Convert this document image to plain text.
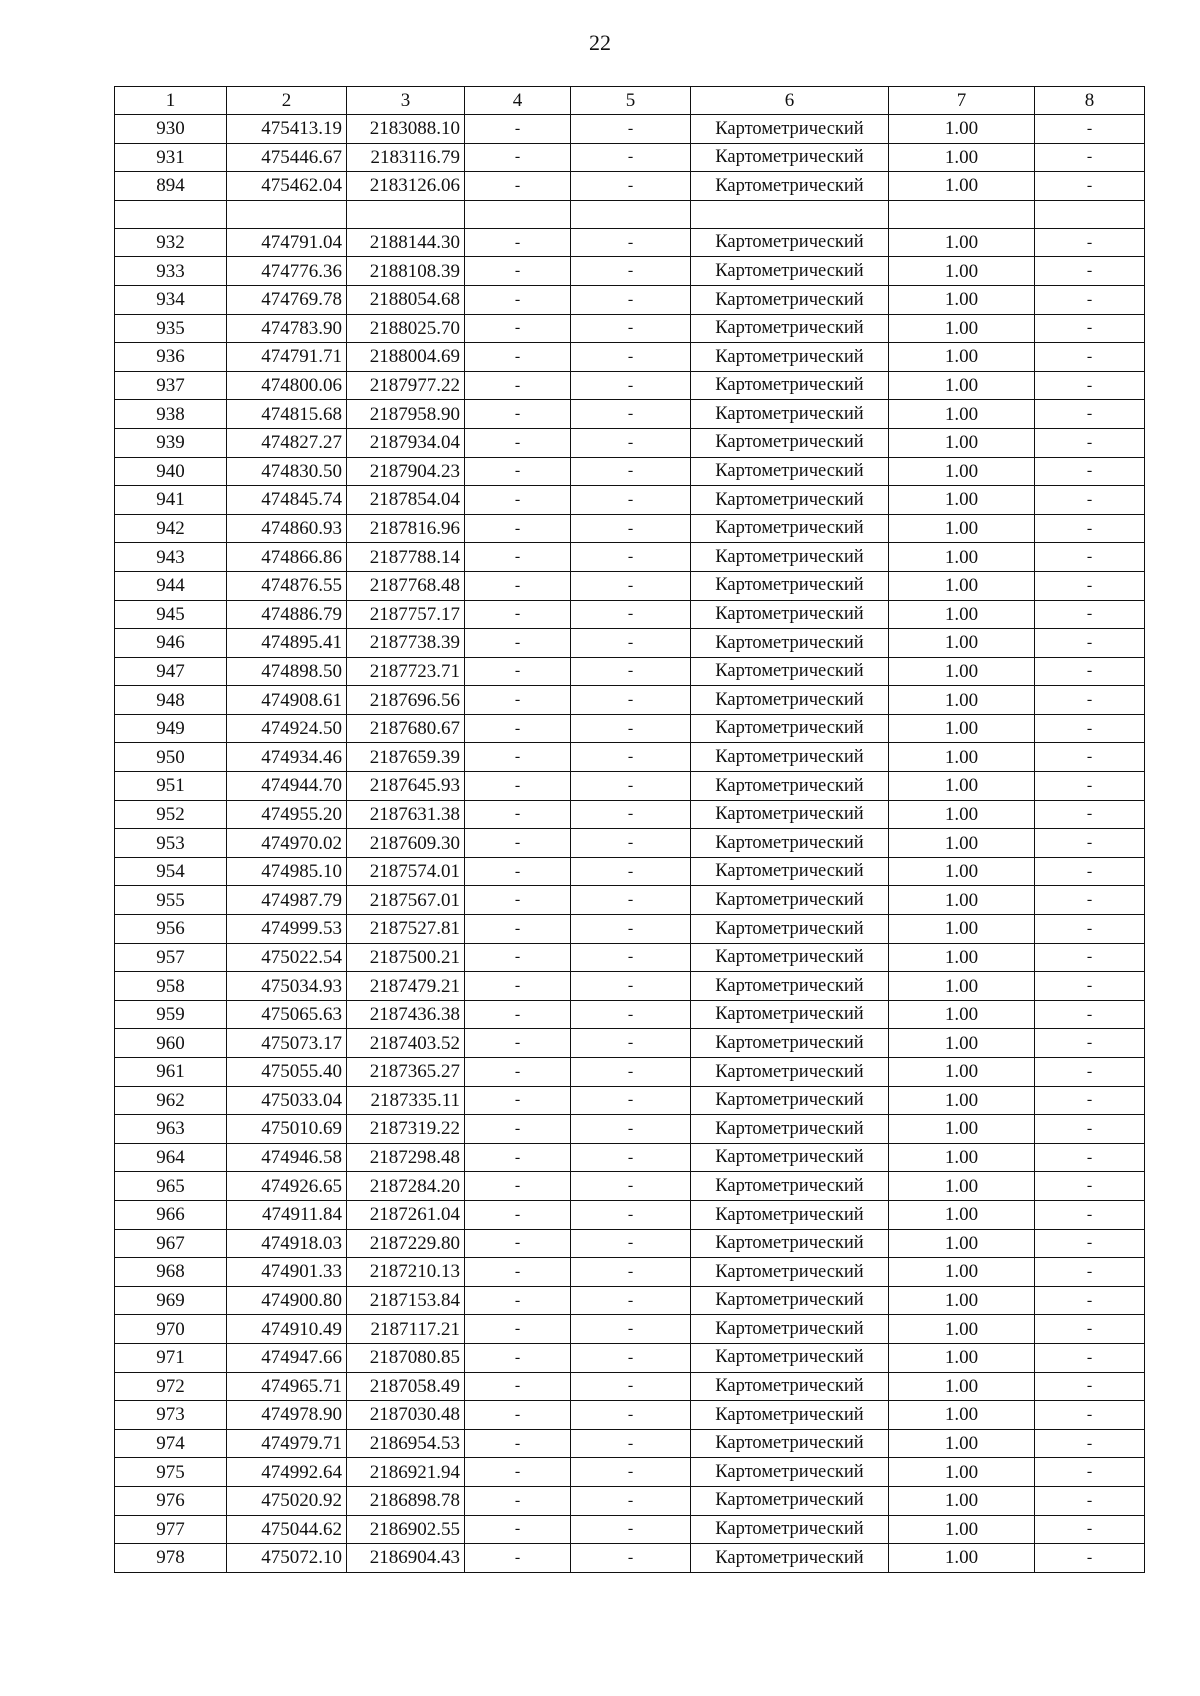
22
1	2	3	4	5	6	7	8
930	475413.19	2183088.10	-	-	Картометрический	1.00	-
931	475446.67	2183116.79	-	-	Картометрический	1.00	-
894	475462.04	2183126.06	-	-	Картометрический	1.00	-

932	474791.04	2188144.30	-	-	Картометрический	1.00	-
933	474776.36	2188108.39	-	-	Картометрический	1.00	-
934	474769.78	2188054.68	-	-	Картометрический	1.00	-
935	474783.90	2188025.70	-	-	Картометрический	1.00	-
936	474791.71	2188004.69	-	-	Картометрический	1.00	-
937	474800.06	2187977.22	-	-	Картометрический	1.00	-
938	474815.68	2187958.90	-	-	Картометрический	1.00	-
939	474827.27	2187934.04	-	-	Картометрический	1.00	-
940	474830.50	2187904.23	-	-	Картометрический	1.00	-
941	474845.74	2187854.04	-	-	Картометрический	1.00	-
942	474860.93	2187816.96	-	-	Картометрический	1.00	-
943	474866.86	2187788.14	-	-	Картометрический	1.00	-
944	474876.55	2187768.48	-	-	Картометрический	1.00	-
945	474886.79	2187757.17	-	-	Картометрический	1.00	-
946	474895.41	2187738.39	-	-	Картометрический	1.00	-
947	474898.50	2187723.71	-	-	Картометрический	1.00	-
948	474908.61	2187696.56	-	-	Картометрический	1.00	-
949	474924.50	2187680.67	-	-	Картометрический	1.00	-
950	474934.46	2187659.39	-	-	Картометрический	1.00	-
951	474944.70	2187645.93	-	-	Картометрический	1.00	-
952	474955.20	2187631.38	-	-	Картометрический	1.00	-
953	474970.02	2187609.30	-	-	Картометрический	1.00	-
954	474985.10	2187574.01	-	-	Картометрический	1.00	-
955	474987.79	2187567.01	-	-	Картометрический	1.00	-
956	474999.53	2187527.81	-	-	Картометрический	1.00	-
957	475022.54	2187500.21	-	-	Картометрический	1.00	-
958	475034.93	2187479.21	-	-	Картометрический	1.00	-
959	475065.63	2187436.38	-	-	Картометрический	1.00	-
960	475073.17	2187403.52	-	-	Картометрический	1.00	-
961	475055.40	2187365.27	-	-	Картометрический	1.00	-
962	475033.04	2187335.11	-	-	Картометрический	1.00	-
963	475010.69	2187319.22	-	-	Картометрический	1.00	-
964	474946.58	2187298.48	-	-	Картометрический	1.00	-
965	474926.65	2187284.20	-	-	Картометрический	1.00	-
966	474911.84	2187261.04	-	-	Картометрический	1.00	-
967	474918.03	2187229.80	-	-	Картометрический	1.00	-
968	474901.33	2187210.13	-	-	Картометрический	1.00	-
969	474900.80	2187153.84	-	-	Картометрический	1.00	-
970	474910.49	2187117.21	-	-	Картометрический	1.00	-
971	474947.66	2187080.85	-	-	Картометрический	1.00	-
972	474965.71	2187058.49	-	-	Картометрический	1.00	-
973	474978.90	2187030.48	-	-	Картометрический	1.00	-
974	474979.71	2186954.53	-	-	Картометрический	1.00	-
975	474992.64	2186921.94	-	-	Картометрический	1.00	-
976	475020.92	2186898.78	-	-	Картометрический	1.00	-
977	475044.62	2186902.55	-	-	Картометрический	1.00	-
978	475072.10	2186904.43	-	-	Картометрический	1.00	-
